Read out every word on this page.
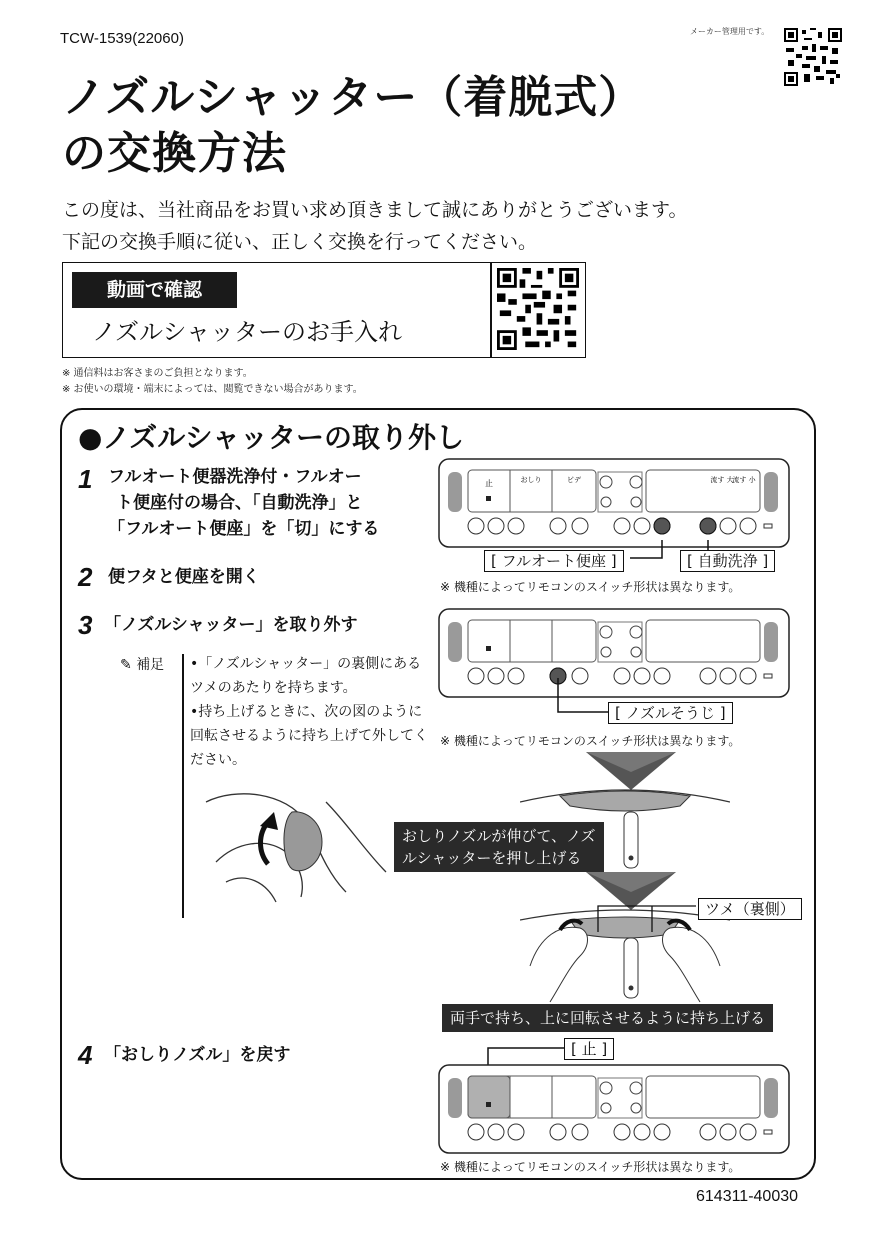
TCW-1539(22060)	メーカー管理用です。
ノズルシャッター（着脱式）
の交換方法
この度は、当社商品をお買い求め頂きまして誠にありがとうございます。
下記の交換手順に従い、正しく交換を行ってください。
動画で確認
ノズルシャッターのお手入れ
※ 通信料はお客さまのご負担となります。
※ お使いの環境・端末によっては、閲覧できない場合があります。
●ノズルシャッターの取り外し
1 フルオート便器洗浄付・フルオー
ト便座付の場合、「自動洗浄」と
「フルオート便座」を「切」にする
止	おしり	ビデ	流す 大
流す 小
[ フルオート便座 ]	[ 自動洗浄 ]
※ 機種によってリモコンのスイッチ形状は異なります。
2 便フタと便座を開く
3 「ノズルシャッター」を取り外す
[ ノズルそうじ ]
※ 機種によってリモコンのスイッチ形状は異なります。
✎ 補足 •「ノズルシャッター」の裏側にあるツメのあたりを持ちます。
•持ち上げるときに、次の図のように回転させるように持ち上げて外してください。
おしりノズルが伸びて、ノズ
ルシャッターを押し上げる
ツメ（裏側）
両手で持ち、上に回転させるように持ち上げる
4 「おしりノズル」を戻す	[ 止 ]
※ 機種によってリモコンのスイッチ形状は異なります。
614311-40030
